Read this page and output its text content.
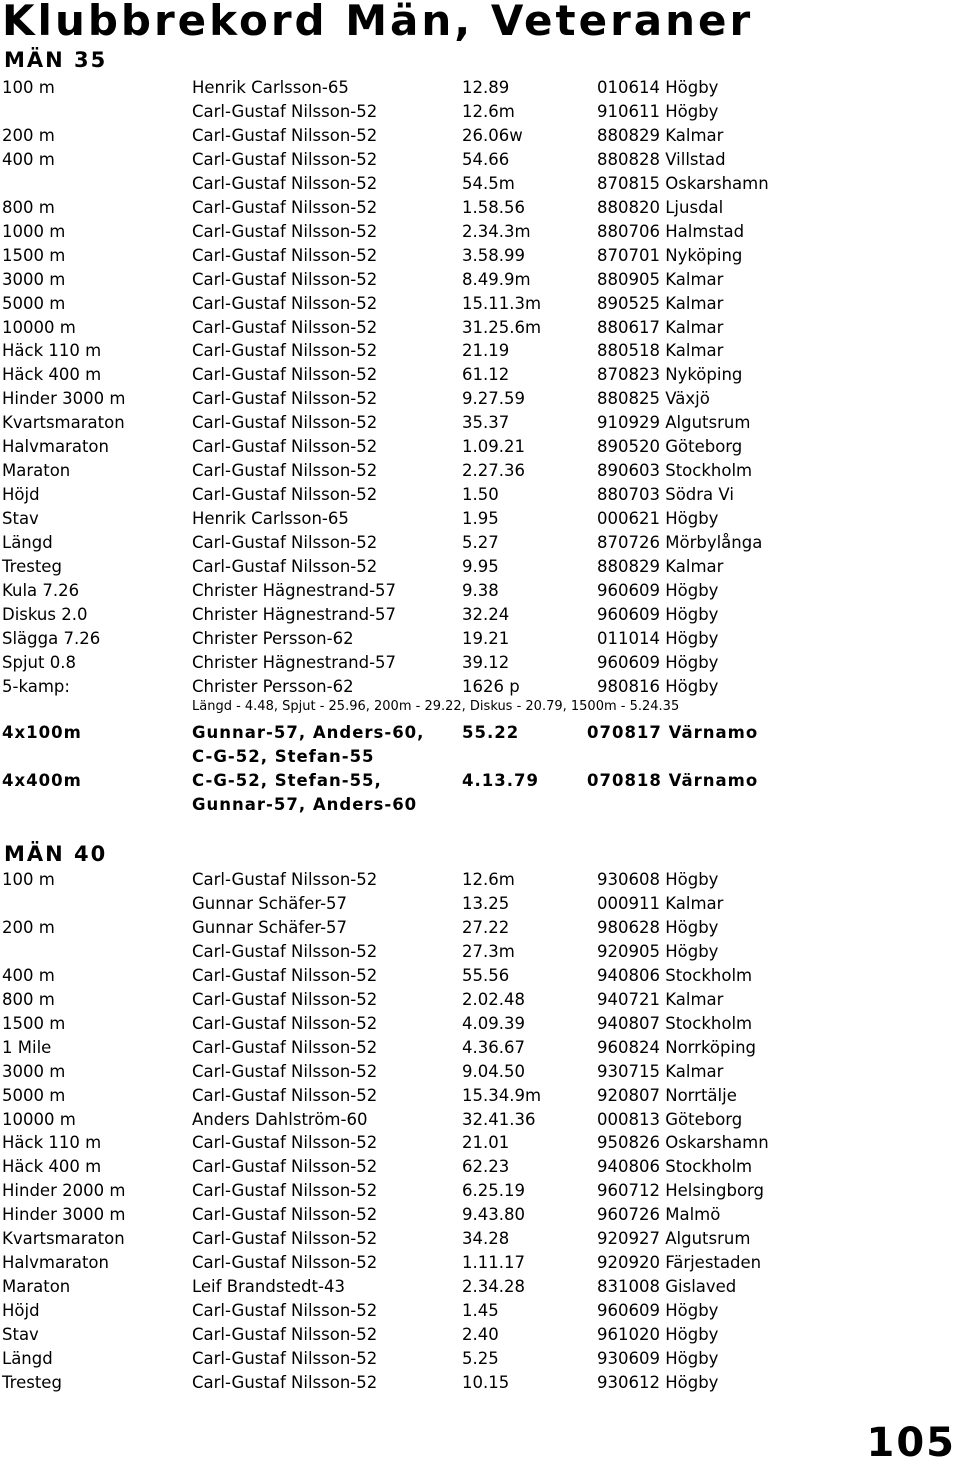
Klubbrekord Män, Veteraner
MÄN 35
MÄN 40
100 m	Henrik Carlsson-65	12.89	010614 Högby
Carl-Gustaf Nilsson-52	12.6m	910611 Högby
200 m	Carl-Gustaf Nilsson-52	26.06w	880829 Kalmar
400 m	Carl-Gustaf Nilsson-52	54.66	880828 Villstad
Carl-Gustaf Nilsson-52	54.5m	870815 Oskarshamn
800 m	Carl-Gustaf Nilsson-52	1.58.56	880820 Ljusdal
1000 m	Carl-Gustaf Nilsson-52	2.34.3m	880706 Halmstad
1500 m	Carl-Gustaf Nilsson-52	3.58.99	870701 Nyköping
3000 m	Carl-Gustaf Nilsson-52	8.49.9m	880905 Kalmar
5000 m	Carl-Gustaf Nilsson-52	15.11.3m	890525 Kalmar
10000 m	Carl-Gustaf Nilsson-52	31.25.6m	880617 Kalmar
Häck 110 m	Carl-Gustaf Nilsson-52	21.19	880518 Kalmar
Häck 400 m	Carl-Gustaf Nilsson-52	61.12	870823 Nyköping
Hinder 3000 m	Carl-Gustaf Nilsson-52	9.27.59	880825 Växjö
Kvartsmaraton	Carl-Gustaf Nilsson-52	35.37	910929 Algutsrum
Halvmaraton	Carl-Gustaf Nilsson-52	1.09.21	890520 Göteborg
Maraton	Carl-Gustaf Nilsson-52	2.27.36	890603 Stockholm
Höjd	Carl-Gustaf Nilsson-52	1.50	880703 Södra Vi
Stav	Henrik Carlsson-65	1.95	000621 Högby
Längd	Carl-Gustaf Nilsson-52	5.27	870726 Mörbylånga
Tresteg	Carl-Gustaf Nilsson-52	9.95	880829 Kalmar
Kula 7.26	Christer Hägnestrand-57	9.38	960609 Högby
Diskus 2.0	Christer Hägnestrand-57	32.24	960609 Högby
Slägga 7.26	Christer Persson-62	19.21	011014 Högby
Spjut 0.8	Christer Hägnestrand-57	39.12	960609 Högby
5-kamp:	Christer Persson-62	1626 p	980816 Högby
Längd - 4.48, Spjut - 25.96, 200m - 29.22, Diskus - 20.79, 1500m - 5.24.35
4x100m	Gunnar-57, Anders-60, 55.22	070817 Värnamo
C-G-52, Stefan-55
4x400m	C-G-52, Stefan-55,	4.13.79	070818 Värnamo
Gunnar-57, Anders-60
100 m	Carl-Gustaf Nilsson-52	12.6m	930608 Högby
Gunnar Schäfer-57	13.25	000911 Kalmar
200 m	Gunnar Schäfer-57	27.22	980628 Högby
Carl-Gustaf Nilsson-52	27.3m	920905 Högby
400 m	Carl-Gustaf Nilsson-52	55.56	940806 Stockholm
800 m	Carl-Gustaf Nilsson-52	2.02.48	940721 Kalmar
1500 m	Carl-Gustaf Nilsson-52	4.09.39	940807 Stockholm
1 Mile	Carl-Gustaf Nilsson-52	4.36.67	960824 Norrköping
3000 m	Carl-Gustaf Nilsson-52	9.04.50	930715 Kalmar
5000 m	Carl-Gustaf Nilsson-52	15.34.9m	920807 Norrtälje
10000 m	Anders Dahlström-60	32.41.36	000813 Göteborg
Häck 110 m	Carl-Gustaf Nilsson-52	21.01	950826 Oskarshamn
Häck 400 m	Carl-Gustaf Nilsson-52	62.23	940806 Stockholm
Hinder 2000 m	Carl-Gustaf Nilsson-52	6.25.19	960712 Helsingborg
Hinder 3000 m	Carl-Gustaf Nilsson-52	9.43.80	960726 Malmö
Kvartsmaraton	Carl-Gustaf Nilsson-52	34.28	920927 Algutsrum
Halvmaraton	Carl-Gustaf Nilsson-52	1.11.17	920920 Färjestaden
Maraton	Leif Brandstedt-43	2.34.28	831008 Gislaved
Höjd	Carl-Gustaf Nilsson-52	1.45	960609 Högby
Stav	Carl-Gustaf Nilsson-52	2.40	961020 Högby
Längd	Carl-Gustaf Nilsson-52	5.25	930609 Högby
Tresteg	Carl-Gustaf Nilsson-52	10.15	930612 Högby
105
